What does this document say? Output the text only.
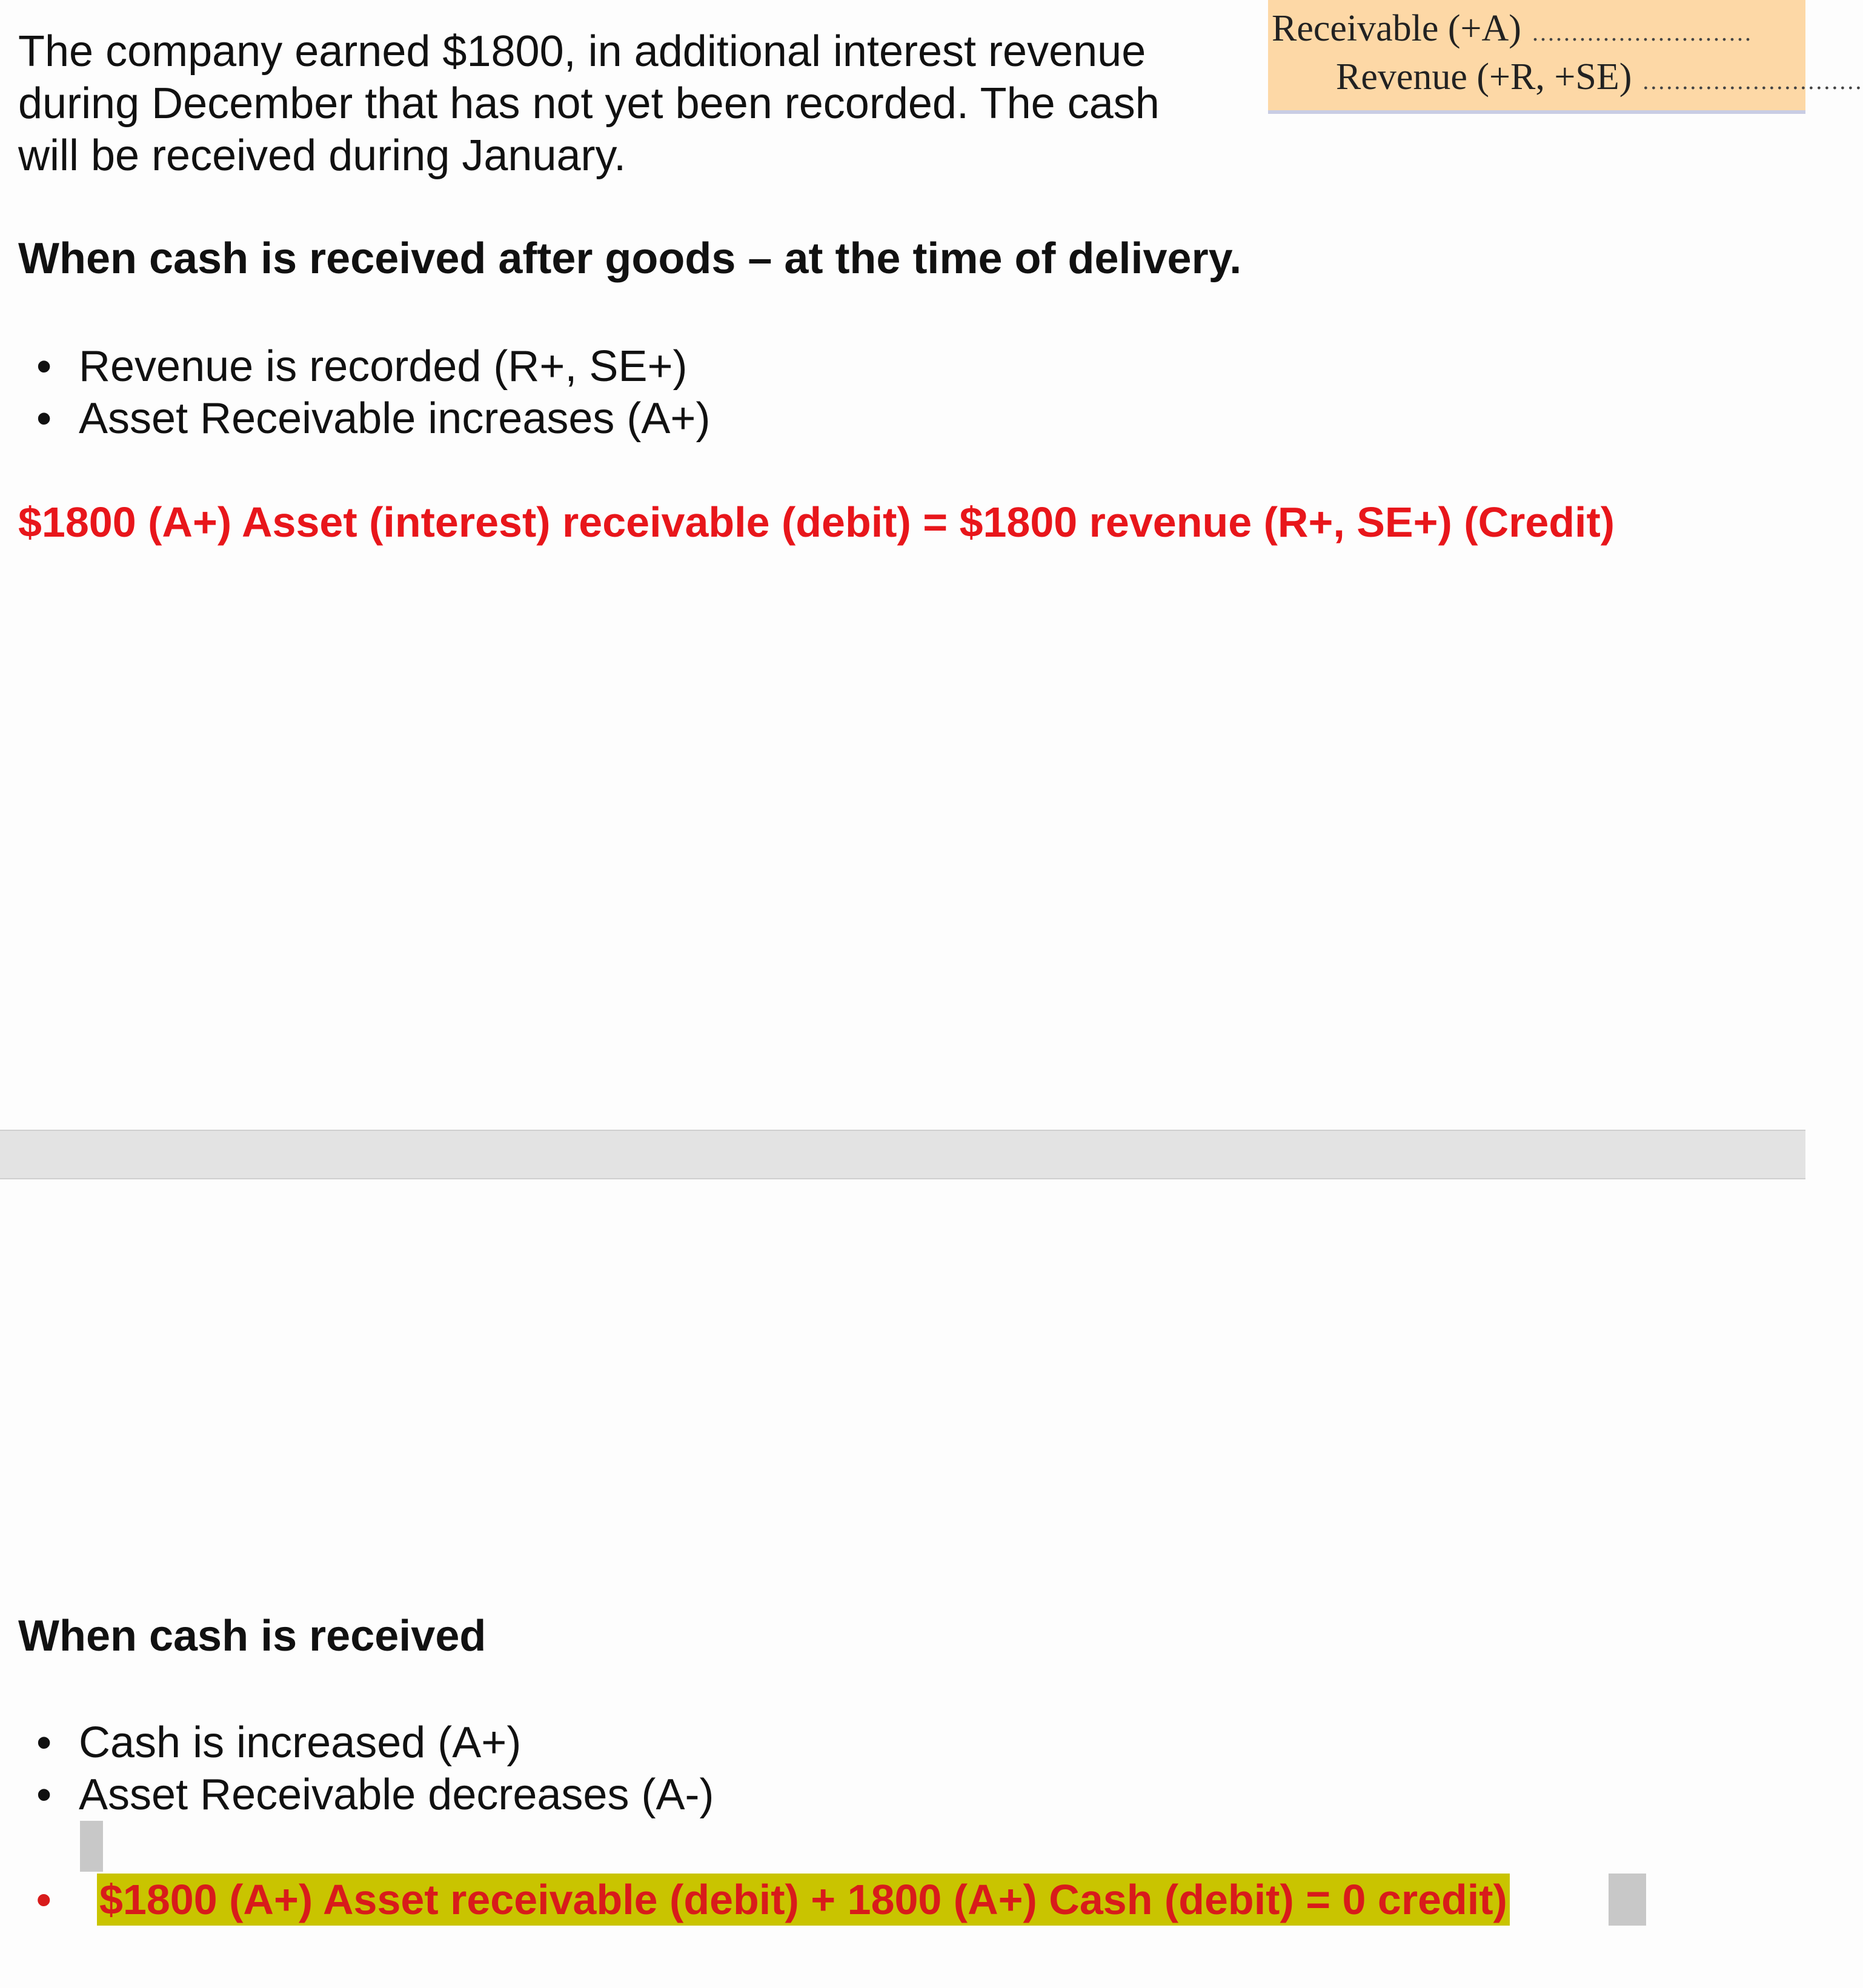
The company earned $1800, in additional interest revenue during December that has not yet been recorded. The cash will be received during January.

Receivable (+A) ............................
Revenue (+R, +SE) ............................
When cash is received after goods – at the time of delivery.
• Revenue is recorded (R+, SE+)
• Asset Receivable increases (A+)

$1800 (A+) Asset (interest) receivable (debit) = $1800 revenue (R+, SE+) (Credit)

When cash is received
• Cash is increased (A+)
• Asset Receivable decreases (A-)
• $1800 (A+) Asset receivable (debit) + 1800 (A+) Cash (debit) = 0 credit)
